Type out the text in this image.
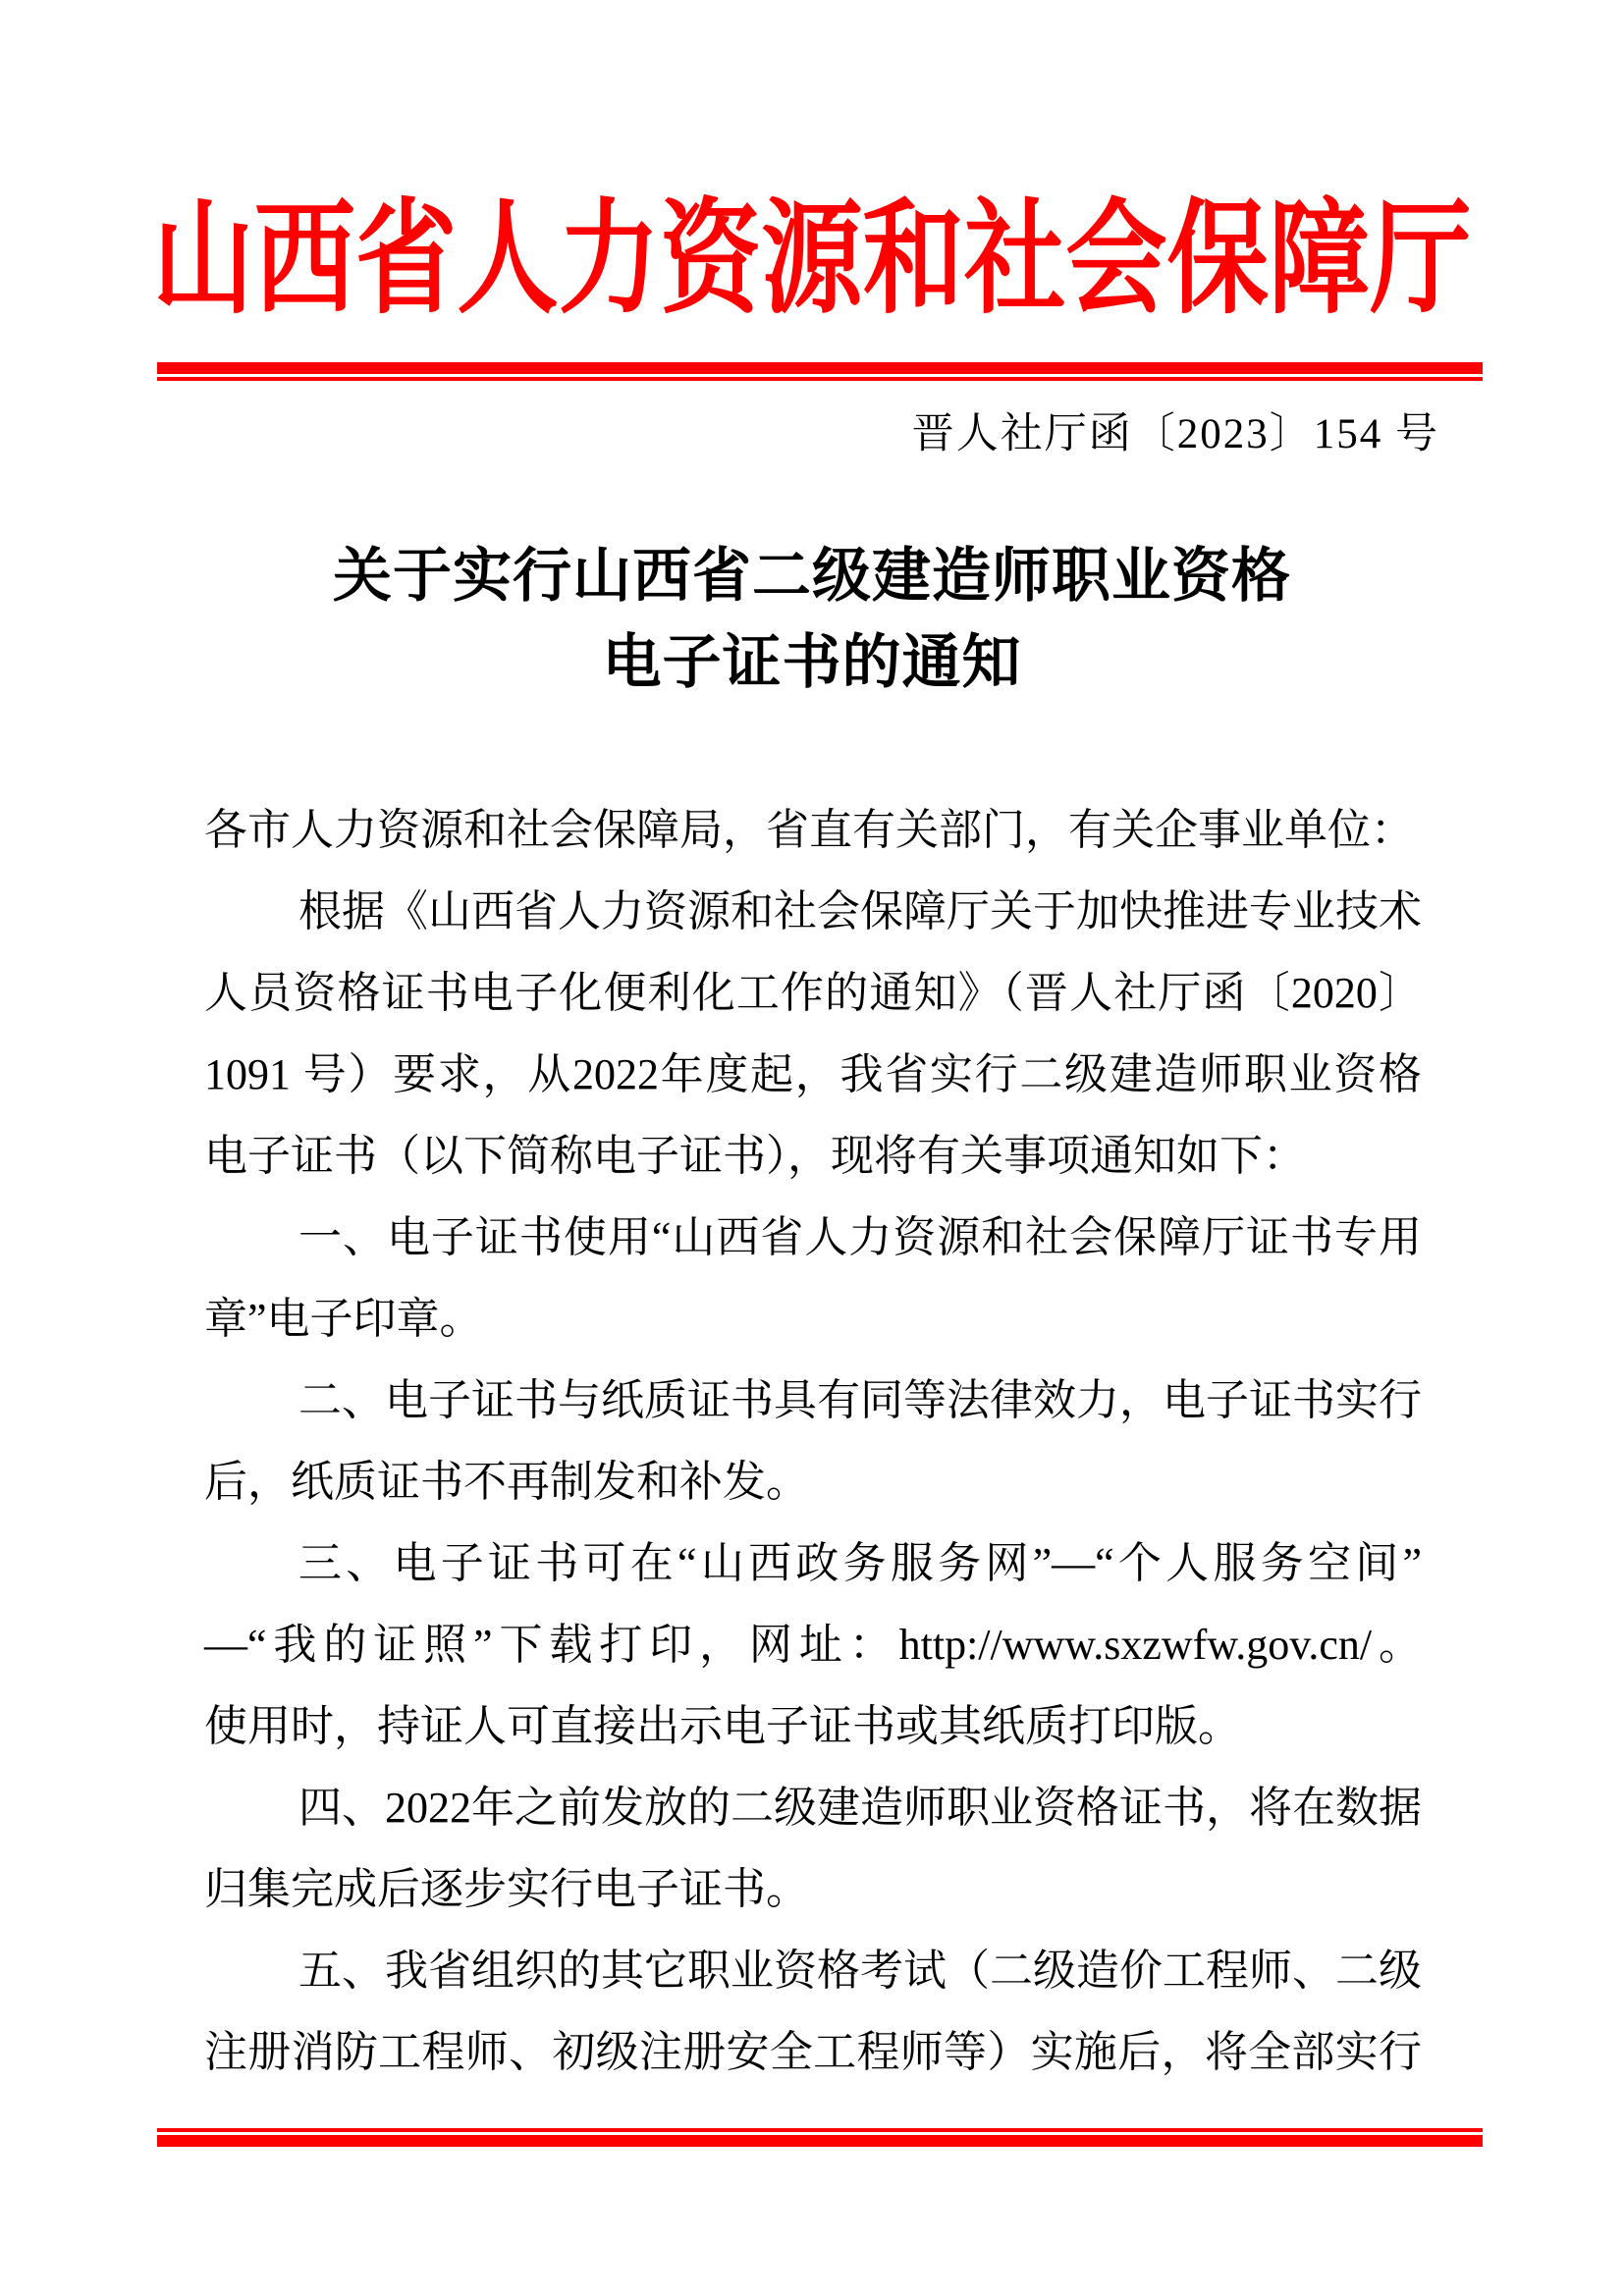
山西省人力资源和社会保障厅
晋人社厅函〔2023〕154 号
关于实行山西省二级建造师职业资格
电子证书的通知
各市人力资源和社会保障局，省直有关部门，有关企事业单位：
根据《山西省人力资源和社会保障厅关于加快推进专业技术
人员资格证书电子化便利化工作的通知》（晋人社厅函〔2020〕
1091 号）要求，从2022年度起，我省实行二级建造师职业资格
电子证书（以下简称电子证书），现将有关事项通知如下：
一、电子证书使用“山西省人力资源和社会保障厅证书专用
章”电子印章。
二、电子证书与纸质证书具有同等法律效力，电子证书实行
后，纸质证书不再制发和补发。
三、电子证书可在“山西政务服务网”—“个人服务空间”
—“我的证照”下载打印，网址：http://www.sxzwfw.gov.cn/。
使用时，持证人可直接出示电子证书或其纸质打印版。
四、2022年之前发放的二级建造师职业资格证书，将在数据
归集完成后逐步实行电子证书。
五、我省组织的其它职业资格考试（二级造价工程师、二级
注册消防工程师、初级注册安全工程师等）实施后，将全部实行
